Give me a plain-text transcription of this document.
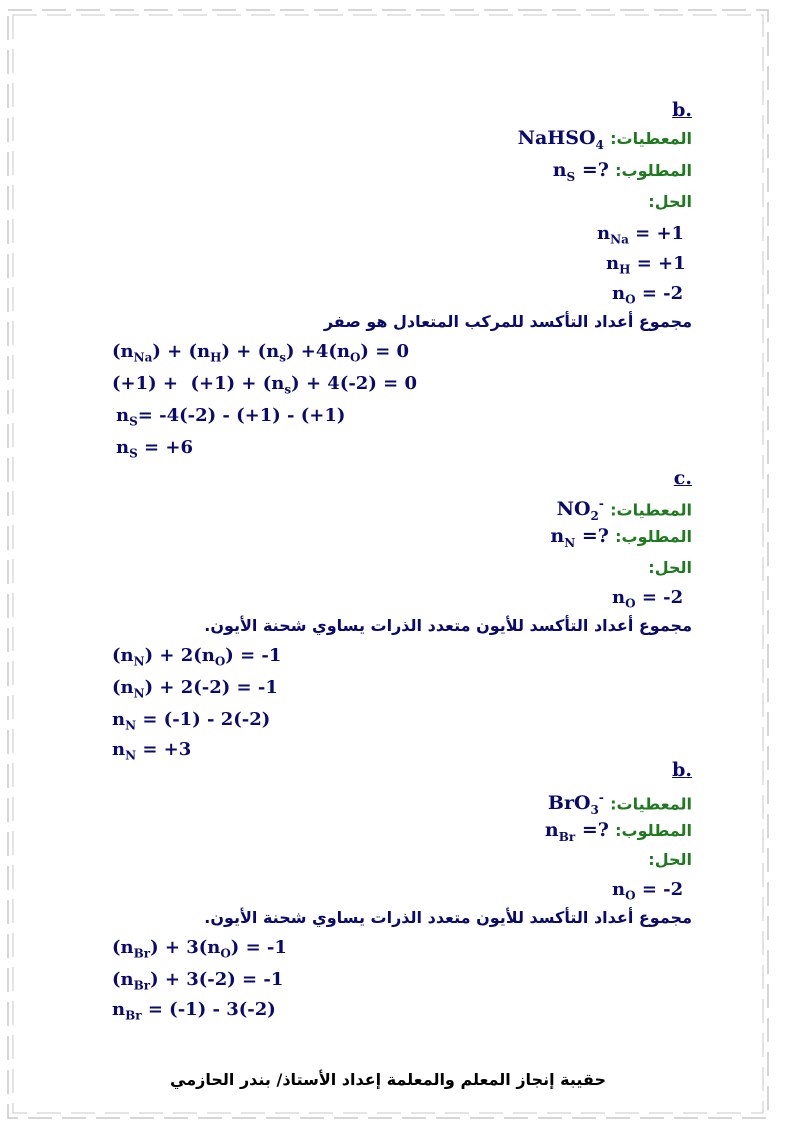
.b
المعطيات: NaHSO$_4$
المطلوب: $n_S$ =?
الحل:
$n_{Na} = +1$
$n_H = +1$
$n_O = -2$
مجموع أعداد التأكسد للمركب المتعادل هو صفر
$(n_{Na}) + (n_H) + (n_s) +4(n_O) = 0$
$(+1) + (+1) + (n_s) + 4(-2) = 0$
$n_S= -4(-2) - (+1) - (+1)$
$n_S = +6$
.c
المعطيات: $NO_2^-$
المطلوب: $n_N$ =?
الحل:
$n_O = -2$
مجموع أعداد التأكسد للأيون متعدد الذرات يساوي شحنة الأيون.
$(n_N) + 2(n_O) = -1$
$(n_N) + 2(-2) = -1$
$n_N = (-1) - 2(-2)$
$n_N = +3$
.b
المعطيات: BrO$_3$-
المطلوب: $n_{Br}$ =?
الحل:
$n_O = -2$
مجموع أعداد التأكسد للأيون متعدد الذرات يساوي شحنة الأيون.
$(n_{Br}) + 3(n_O) = -1$
$(n_{Br}) + 3(-2) = -1$
$n_{Br} = (-1) - 3(-2)$
حقيبة إنجاز المعلم والمعلمة إعداد الأستاذ/ بندر الحازمي
